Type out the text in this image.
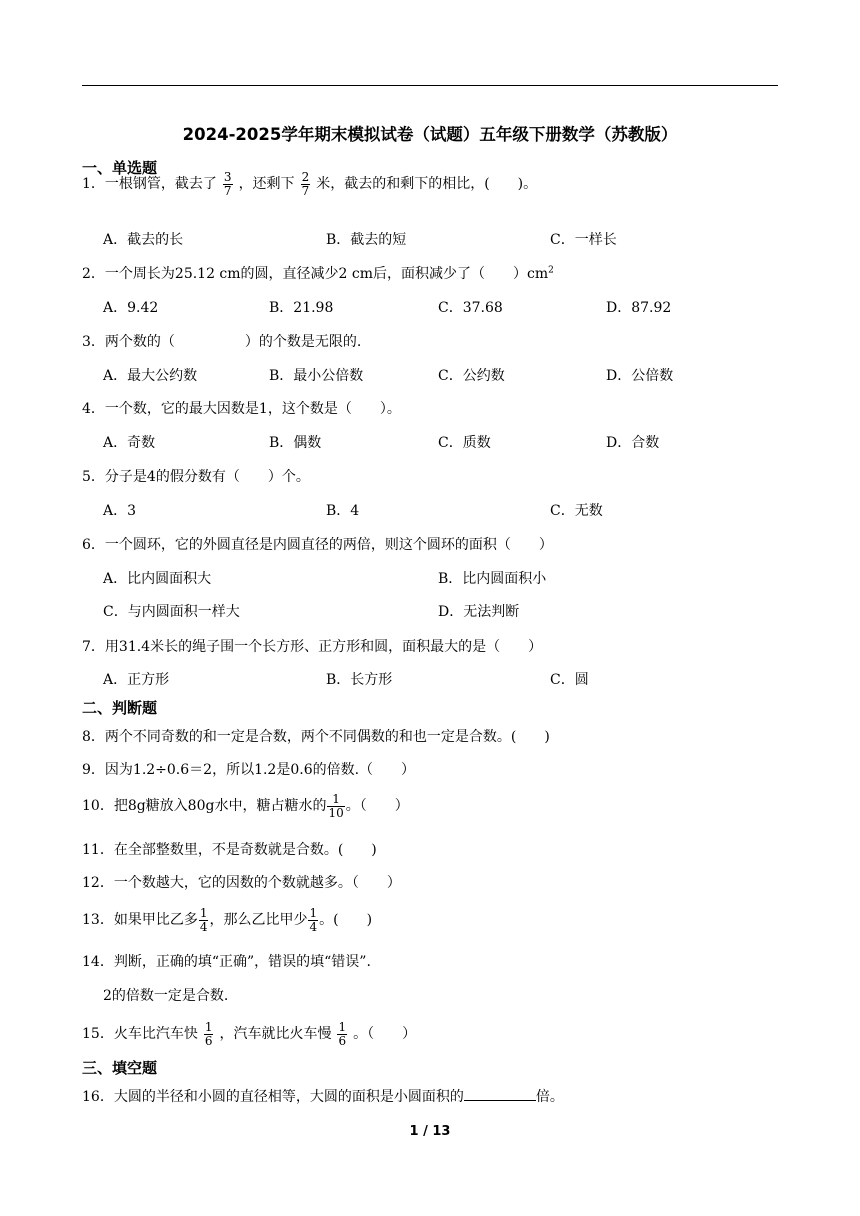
2024-2025学年期末模拟试卷（试题）五年级下册数学（苏教版）
一、单选题
1．一根钢管，截去了 $\frac{3}{7}$ ，还剩下 $\frac{2}{7}$ 米，截去的和剩下的相比，(　　)。
A．截去的长	B．截去的短	C．一样长
2．一个周长为25.12 cm的圆，直径减少2 cm后，面积减少了（　　）$cm^2$
A．9.42	B．21.98	C．37.68	D．87.92
3．两个数的（　　　　　）的个数是无限的.
A．最大公约数	B．最小公倍数	C．公约数	D．公倍数
4．一个数，它的最大因数是1，这个数是（　　）。
A．奇数	B．偶数	C．质数	D．合数
5．分子是4的假分数有（　　）个。
A．3	B．4	C．无数
6．一个圆环，它的外圆直径是内圆直径的两倍，则这个圆环的面积（　　）
A．比内圆面积大	B．比内圆面积小
C．与内圆面积一样大	D．无法判断
7．用31.4米长的绳子围一个长方形、正方形和圆，面积最大的是（　　）
A．正方形	B．长方形	C．圆
二、判断题
8．两个不同奇数的和一定是合数，两个不同偶数的和也一定是合数。(　　)
9．因为1.2÷0.6＝2，所以1.2是0.6的倍数.（　　）
10．把8g糖放入80g水中，糖占糖水的 $\frac{1}{10}$ 。（　　）
11．在全部整数里，不是奇数就是合数。(　　)
12．一个数越大，它的因数的个数就越多。（　　）
13．如果甲比乙多 $\frac{1}{4}$ ，那么乙比甲少 $\frac{1}{4}$ 。(　　)
14．判断，正确的填“正确”，错误的填“错误”.
2的倍数一定是合数.
15．火车比汽车快 $\frac{1}{6}$ ，汽车就比火车慢 $\frac{1}{6}$ 。（　　）
三、填空题
16．大圆的半径和小圆的直径相等，大圆的面积是小圆面积的	倍。
1 / 13
